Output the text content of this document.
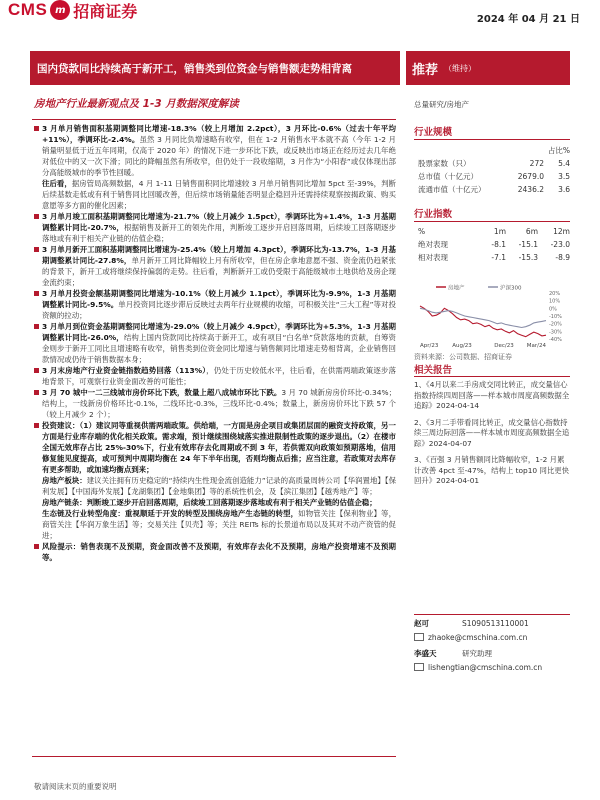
CMS m 招商证券	2024 年 04 月 21 日
国内贷款同比持续高于新开工，销售类到位资金与销售额走势相背离	推荐 （维持）
房地产行业最新观点及 1-3 月数据深度解读	总量研究/房地产

3 月单月销售面积基期调整同比增速-18.3%（较上月增加 2.2pct），3 月环比-0.6%（过去十年平均+11%），季调环比-2.4%。虽然 3 月同比负增速略有收窄，但在 1-2 月销售水平本就不高（今年 1-2 月销量明显低于近五年同期，仅高于 2020 年）的情况下进一步环比下跌，或反映出市场正在经历过去几年绝对低位中的又一次下滑；同比的降幅虽然有所收窄，但仍处于一段收缩期，3 月作为“小阳春”或仅体现出部分高能级城市的季节性回暖。

往后看，据房管局高频数据，4 月 1-11 日销售面积同比增速较 3 月单月销售同比增加 5pct 至-39%，判断后续基数走低或有利于销售同比回暖改善，但后续市场销量能否明显企稳回升还需持续观察按揭政策、购买意愿等多方面的催化因素；

3 月单月竣工面积基期调整同比增速为-21.7%（较上月减少 1.5pct），季调环比为+1.4%，1-3 月基期调整累计同比-20.7%，根据销售及新开工的领先作用，判断竣工逐步开启回落周期，后续竣工回落期逐步落地或有利于相关产业链的估值企稳；

3 月单月新开工面积基期调整同比增速为-25.4%（较上月增加 4.3pct），季调环比为-13.7%，1-3 月基期调整累计同比-27.8%，单月新开工同比降幅较上月有所收窄，但在房企拿地意愿不强、资金流仍趋紧张的背景下，新开工或将继续保持偏弱的走势。往后看，判断新开工或仍受限于高能级城市土地供给及房企现金流约束；

3 月单月投资金额基期调整同比增速为-10.1%（较上月减少 1.1pct），季调环比为-9.9%，1-3 月基期调整累计同比-9.5%。单月投资同比逐步滞后反映过去两年行业规模的收缩，可积极关注“三大工程”等对投资额的拉动；

3 月单月到位资金基期调整同比增速为-29.0%（较上月减少 4.9pct），季调环比为+5.3%，1-3 月基期调整累计同比-26.0%，结构上国内贷款同比持续高于新开工，或有项目“白名单”贷款落地的贡献，自筹资金则步于新开工同比且增速略有收窄，销售类到位资金同比增速与销售额同比增速走势相背离，企业销售回款情况或仍待于销售数据本身；

3 月末房地产行业资金链指数趋势回落（113%），仍处于历史较低水平，往后看，在供需两端政策逐步落地背景下，可观察行业资金面改善的可能性；

3 月 70 城中一二三线城市房价环比下跌，数量上超八成城市环比下跌。3 月 70 城新房房价环比-0.34%；结构上，一线新房价格环比-0.1%，二线环比-0.3%，三线环比-0.4%；数量上，新房房价环比下跌 57 个（较上月减少 2 个）；

投资建议：（1）建议同等重视供需两端政策。供给端，一方面是房企项目或集团层面的融资支持政策，另一方面是行业库存端的优化相关政策。需求端，预计继续围绕城落实推进限制性政策的逐步退出。（2）在楼市全国无效库存占比 25%-30%下，行业有效库存去化周期或不到 3 年，若供需双向政策如预期落地，信用修复能见度提高，或可预判中周期均衡在 24 年下半年出现，否则均衡点后推；应当注意，若政策对去库存有更多帮助，或加速均衡点到来；

房地产板块：建议关注拥有历史稳定的“持续内生性现金流创造能力”记录的高质量周转公司【华润置地】【保利发展】【中国海外发展】【龙湖集团】【金地集团】等的系统性机会，及【滨江集团】【越秀地产】等；

房地产链条：判断竣工逐步开启回落周期，后续竣工回落期逐步落地或有利于相关产业链的估值企稳；

生态链及行业转型角度：重视顺延于开发的转型及围绕房地产生态链的转型，如物管关注【保利物业】等，商管关注【华润万象生活】等；交易关注【贝壳】等；关注 REITs 标的长景道布局以及其对不动产资管的促进；

风险提示：销售表现不及预期，资金面改善不及预期，有效库存去化不及预期，房地产投资增速不及预期等。

行业规模
占比%
股票家数（只）	272	5.4
总市值（十亿元）	2679.0	3.5
流通市值（十亿元）	2436.2	3.6
行业指数
%	1m	6m	12m
绝对表现	-8.1	-15.1	-23.0
相对表现	-7.1	-15.3	-8.9
房地产	沪深300
20%
10%
0%
-10%
-20%
-30%
-40%
Apr/23	Aug/23	Dec/23 Mar/24
资料来源：公司数据、招商证券
相关报告

1、《4月以来二手房成交同比转正，成交量信心指数持续四周回落——样本城市周度高频数据全追踪》2024-04-14

2、《3月二手带看同比转正，成交量信心指数持续三周边际回落——样本城市周度高频数据全追踪》2024-04-07

3、《百强 3 月销售额同比降幅收窄，1-2 月累计改善 4pct 至-47%，结构上 top10 同比更快回升》2024-04-01

赵可	S1090513110001
zhaoke@cmschina.com.cn
李盛天	研究助理
lishengtian@cmschina.com.cn
敬请阅读末页的重要说明
